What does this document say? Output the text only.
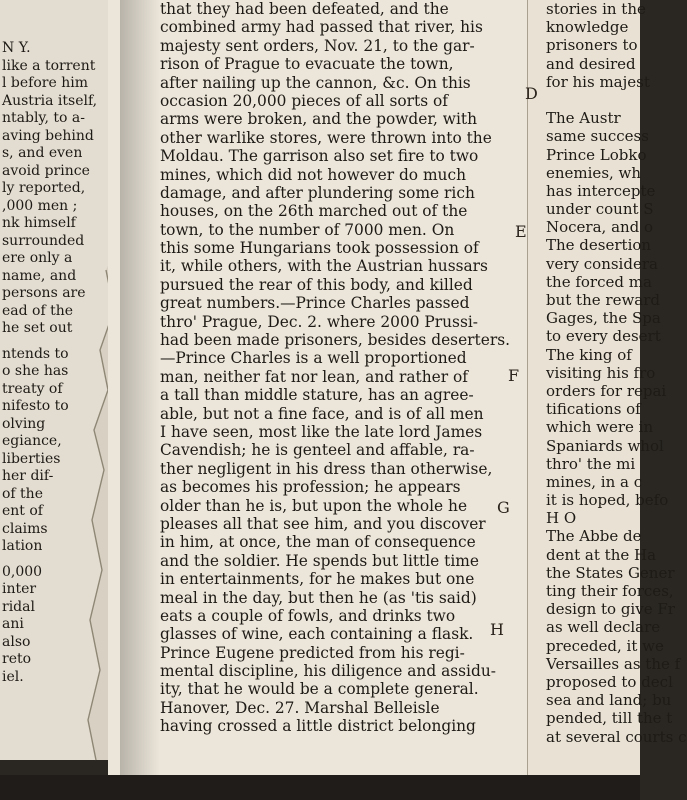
N Y.
like a torrent
l before him
Austria itself,
ntably, to a-
aving behind
s, and even
avoid prince
ly reported,
,000 men ;
nk himself
surrounded
ere only a
name, and
persons are
ead of the
he set out
ntends to
o she has
treaty of
nifesto to
olving
egiance,
liberties
her dif-
of the
ent of
claims
lation
0,000
inter
ridal
ani
also
reto
iel.
that they had been defeated, and the
combined army had passed that river, his
majesty sent orders, Nov. 21, to the gar-
rison of Prague to evacuate the town,
after nailing up the cannon, &c. On this
occasion 20,000 pieces of all sorts of
arms were broken, and the powder, with
other warlike stores, were thrown into the
Moldau. The garrison also set fire to two
mines, which did not however do much
damage, and after plundering some rich
houses, on the 26th marched out of the
town, to the number of 7000 men. On
this some Hungarians took possession of
it, while others, with the Austrian hussars
pursued the rear of this body, and killed
great numbers.—Prince Charles passed
thro' Prague, Dec. 2. where 2000 Prussi-
had been made prisoners, besides deserters.
—Prince Charles is a well proportioned
man, neither fat nor lean, and rather of
a tall than middle stature, has an agree-
able, but not a fine face, and is of all men
I have seen, most like the late lord James
Cavendish; he is genteel and affable, ra-
ther negligent in his dress than otherwise,
as becomes his profession; he appears
older than he is, but upon the whole he
pleases all that see him, and you discover
in him, at once, the man of consequence
and the soldier. He spends but little time
in entertainments, for he makes but one
meal in the day, but then he (as 'tis said)
eats a couple of fowls, and drinks two
glasses of wine, each containing a flask.
Prince Eugene predicted from his regi-
mental discipline, his diligence and assidu-
ity, that he would be a complete general.
Hanover, Dec. 27. Marshal Belleisle
having crossed a little district belonging
stories in the
knowledge
prisoners to
and desired
for his majest
The Austr
same success
Prince Lobko
enemies, wh
has intercepte
under count S
Nocera, and o
The desertion
very considera
the forced ma
but the reward
Gages, the Spa
to every desert
The king of
visiting his fro
orders for repai
tifications of
which were in
Spaniards whol
thro' the mi
mines, in a c
it is hoped, befo
H O
The Abbe de
dent at the Ha
the States Gener
ting their forces,
design to give Fr
as well declare
preceded, it we
Versailles as the f
proposed to decl
sea and land; bu
pended, till the t
at several courts c
D
E
F
G
H
